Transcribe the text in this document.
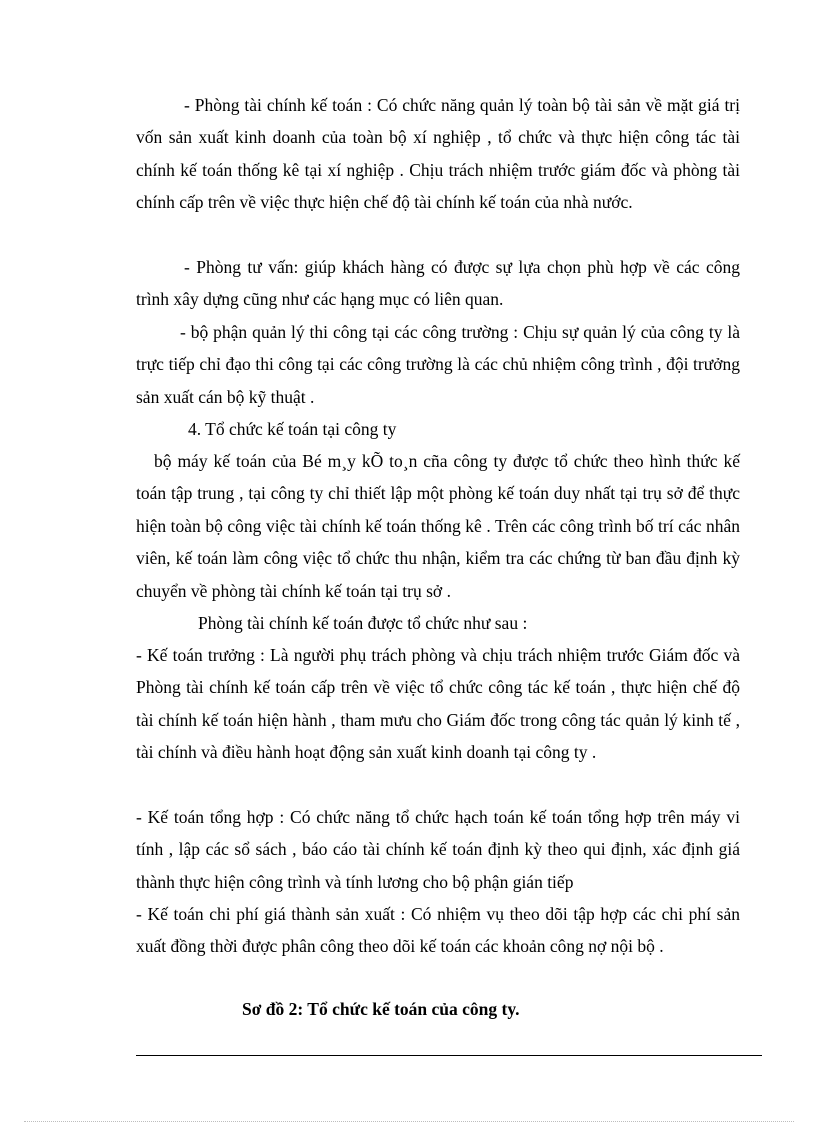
- Phòng tài chính kế toán : Có chức năng quản lý toàn bộ tài sản về mặt giá trị vốn sản xuất kinh doanh của toàn bộ xí nghiệp , tổ chức và thực hiện công tác tài chính kế toán thống kê tại xí nghiệp . Chịu trách nhiệm trước giám đốc và phòng tài chính cấp trên về việc thực hiện chế độ tài chính kế toán của nhà nước.

- Phòng tư vấn: giúp khách hàng có được sự lựa chọn phù hợp về các công trình xây dựng cũng như các hạng mục có liên quan.

- bộ phận quản lý thi công tại các công trường : Chịu sự quản lý của công ty là trực tiếp chỉ đạo thi công tại các công trường là các chủ nhiệm công trình , đội trưởng sản xuất cán bộ kỹ thuật .

4. Tổ chức kế toán tại công ty

bộ máy kế toán của Bé m¸y kÕ to¸n cña công ty được tổ chức theo hình thức kế toán tập trung , tại công ty chỉ thiết lập một phòng kế toán duy nhất tại trụ sở để thực hiện toàn bộ công việc tài chính kế toán thống kê . Trên các công trình bố trí các nhân viên, kế toán làm công việc tổ chức thu nhận, kiểm tra các chứng từ ban đầu định kỳ chuyển về phòng tài chính kế toán tại trụ sở .

Phòng tài chính kế toán được tổ chức như sau :

- Kế toán trưởng : Là người phụ trách phòng và chịu trách nhiệm trước Giám đốc và Phòng tài chính kế toán cấp trên về việc tổ chức công tác kế toán , thực hiện chế độ tài chính kế toán hiện hành , tham mưu cho Giám đốc trong công tác quản lý kinh tế , tài chính và điều hành hoạt động sản xuất kinh doanh tại công ty .

- Kế toán tổng hợp : Có chức năng tổ chức hạch toán kế toán tổng hợp trên máy vi tính , lập các sổ sách , báo cáo tài chính kế toán định kỳ theo qui định, xác định giá thành thực hiện công trình và tính lương cho bộ phận gián tiếp

- Kế toán chi phí giá thành sản xuất : Có nhiệm vụ theo dõi tập hợp các chi phí sản xuất đồng thời được phân công theo dõi kế toán các khoản công nợ nội bộ .

Sơ đồ 2: Tổ chức kế toán của công ty.
